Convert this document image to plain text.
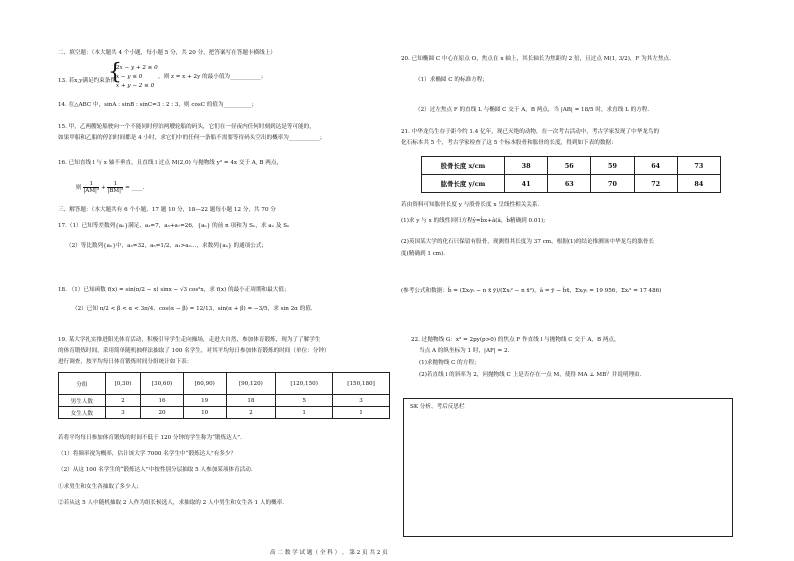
二、填空题：（本大题共 4 个小题，每小题 5 分，共 20 分，把答案写在答题卡横线上）
13. 若x,y满足约束条件
{
2x − y + 2 ≥ 0
x − y ≤ 0
x + y − 2 ≤ 0
，则 z = x + 2y 的最小值为___________；
14. 在△ABC 中，sinA : sinB : sinC=3 : 2 : 3，则 cosC 的值为__________；
15. 甲，乙两艘轮船驶向一个不能同时停泊两艘轮船的码头，它们在一昼夜内任何时刻到达是等可能的，
如果甲船和乙船的停泊时间都是 4 小时，求它们中的任何一条船不需要等待码头空出的概率为___________；
16. 已知直线 l 与 x 轴不垂直，且直线 l 过点 M(2,0) 与抛物线 y² = 4x 交于 A, B 两点，
则 $\frac{1}{\text{|AM|²}} + \frac{1}{\text{|BM|²}}$ = ____.
三、解答题：（本大题共有 6 个小题，17 题 10 分，18—22 题每小题 12 分，共 70 分
17.（1）已知等差数列{aₙ}满足，a₃=7，a₅+a₇=26，{aₙ} 的前 n 项和为 Sₙ，求 aₙ 及 Sₙ
（2）等比数列{aₙ}中，a₃=32，a₅=1/2，a₁>a₂…，求数列{aₙ} 的通项公式；
18. （1）已知函数 f(x) = sin(π/2 − x) sinx − √3 cos²x，求 f(x) 的最小正周期和最大值；
（2）已知 π/2 < β < α < 3π/4，cos(α − β) = 12/13，sin(α + β) = −3/5，求 sin 2α 的值.
19. 某大学扎实推进阳光体育活动，积极引导学生走向操场，走进大自然，参加体育锻炼，现为了了解学生
的体育锻炼时间，采用简单随机抽样法抽取了 100 名学生，对其平均每日参加体育锻炼的时间（单位：分钟）
进行调查，按平均每日体育锻炼时间分组统计如下表：
分组	[0,30)	[30,60)	[60,90)	[90,120)	[120,150)	[150,180]
男生人数	2	16	19	18	5	3
女生人数	3	20	10	2	1	1
若将平均每日参加体育锻炼的时间不低于 120 分钟的学生称为“锻炼达人”.
（1）将频率视为概率，估计该大学 7000 名学生中“锻炼达人”有多少？
（2）从这 100 名学生的“锻炼达人”中按性别分层抽取 5 人参加某项体育活动.
①求男生和女生各抽取了多少人；
②若从这 5 人中随机抽取 2 人作为组长候选人，求抽取的 2 人中男生和女生各 1 人的概率.
20. 已知椭圆 C 中心在原点 O，焦点在 x 轴上，其长轴长为焦距的 2 倍，且过点 M(1, 3/2)，F 为其左焦点.
（1）求椭圆 C 的标准方程；
（2）过左焦点 F 的直线 L 与椭圆 C 交于 A，B 两点，当 |AB| = 18/5 时，求直线 L 的方程.
21. 中华龙鸟生存于距今约 1.4 亿年，现已灭绝的动物，在一次考古活动中，考古学家发现了中华龙鸟的
化石标本共 5 个，考古学家检查了这 5 个标本股骨和肱骨的长度，得到如下表的数据：
股骨长度 x/cm	38	56	59	64	73
肱骨长度 y/cm	41	63	70	72	84
若由资料可知肱骨长度 y 与股骨长度 x 呈线性相关关系.
(1)求 y 与 x 的线性回归方程ŷ=b̂x+â(â，b̂精确到 0.01);
(2)英国某大学的化石只保留有股骨，现测得其长度为 37 cm，根据(1)的结论推测该中华龙鸟的肱骨长
度(精确到 1 cm).
(参考公式和数据：b̂ = (Σxᵢyᵢ − n x̄ ȳ)/(Σxᵢ² − n x̄²)，â = ȳ − b̂x̄，Σxᵢyᵢ = 19 956，Σxᵢ² = 17 486)
22. 过抛物线 G：x² = 2py(p>0) 的焦点 F 作直线 l 与抛物线 C 交于 A，B 两点，
当点 A 的纵坐标为 1 时，|AF| = 2.
(1)求抛物线 C 的方程；
(2)若直线 l 的斜率为 2，问抛物线 C 上是否存在一点 M，使得 MA ⊥ MB？并说明理由.
SK 分析、考后反思栏
高 二 数 学 试 题（ 全 科 ） ， 第 2 页 共 2 页
